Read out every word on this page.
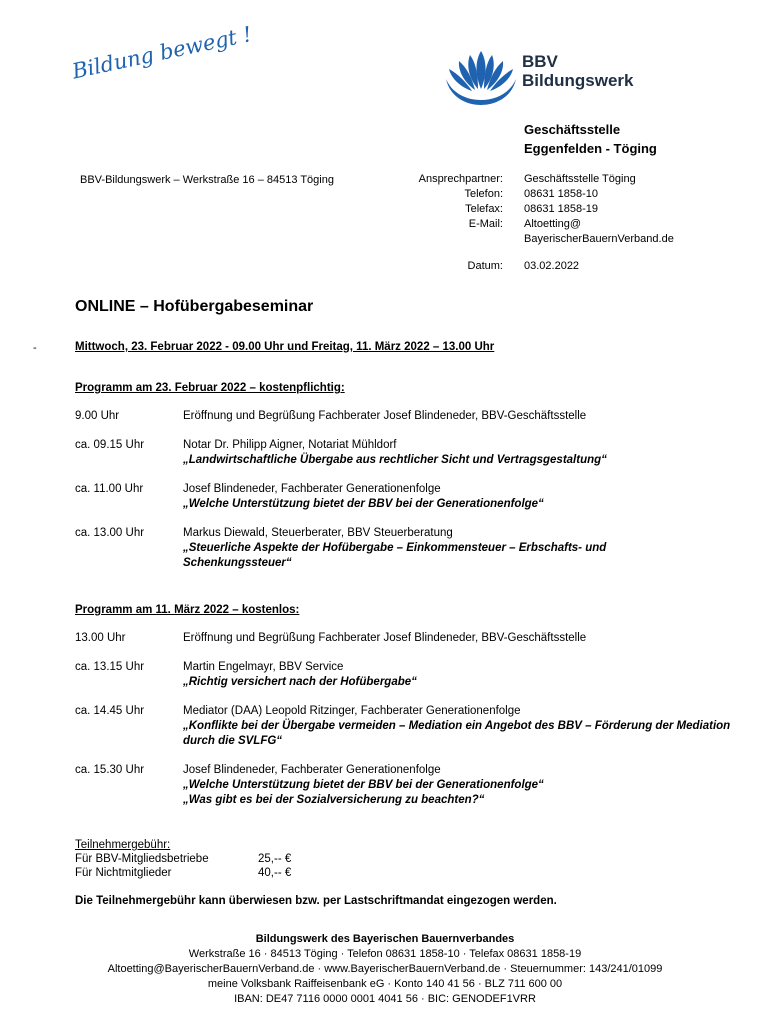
Bildung bewegt !	BBV
Bildungswerk
Geschäftsstelle
Eggenfelden - Töging
BBV-Bildungswerk – Werkstraße 16 – 84513 Töging	Ansprechpartner:	Geschäftsstelle Töging
Telefon:	08631 1858-10
Telefax:	08631 1858-19
E-Mail:	Altoetting@
	BayerischerBauernVerband.de
Datum: 03.02.2022
ONLINE – Hofübergabeseminar
-	Mittwoch, 23. Februar 2022 - 09.00 Uhr und Freitag, 11. März 2022 – 13.00 Uhr
Programm am 23. Februar 2022 – kostenpflichtig:
9.00 Uhr	Eröffnung und Begrüßung Fachberater Josef Blindeneder, BBV-Geschäftsstelle
ca. 09.15 Uhr	Notar Dr. Philipp Aigner, Notariat Mühldorf
„Landwirtschaftliche Übergabe aus rechtlicher Sicht und Vertragsgestaltung“
ca. 11.00 Uhr	Josef Blindeneder, Fachberater Generationenfolge
„Welche Unterstützung bietet der BBV bei der Generationenfolge“
ca. 13.00 Uhr	Markus Diewald, Steuerberater, BBV Steuerberatung
„Steuerliche Aspekte der Hofübergabe – Einkommensteuer – Erbschafts- und Schenkungssteuer“
Programm am 11. März 2022 – kostenlos:
13.00 Uhr	Eröffnung und Begrüßung Fachberater Josef Blindeneder, BBV-Geschäftsstelle
ca. 13.15 Uhr	Martin Engelmayr, BBV Service
„Richtig versichert nach der Hofübergabe“
ca. 14.45 Uhr	Mediator (DAA) Leopold Ritzinger, Fachberater Generationenfolge
„Konflikte bei der Übergabe vermeiden – Mediation ein Angebot des BBV – Förderung der Mediation durch die SVLFG“
ca. 15.30 Uhr	Josef Blindeneder, Fachberater Generationenfolge
„Welche Unterstützung bietet der BBV bei der Generationenfolge“
„Was gibt es bei der Sozialversicherung zu beachten?“
Teilnehmergebühr:
Für BBV-Mitgliedsbetriebe	25,-- €
Für Nichtmitglieder	40,-- €
Die Teilnehmergebühr kann überwiesen bzw. per Lastschriftmandat eingezogen werden.
Bildungswerk des Bayerischen Bauernverbandes
Werkstraße 16 · 84513 Töging · Telefon 08631 1858-10 · Telefax 08631 1858-19
Altoetting@BayerischerBauernVerband.de · www.BayerischerBauernVerband.de · Steuernummer: 143/241/01099
meine Volksbank Raiffeisenbank eG · Konto 140 41 56 · BLZ 711 600 00
IBAN: DE47 7116 0000 0001 4041 56 · BIC: GENODEF1VRR
